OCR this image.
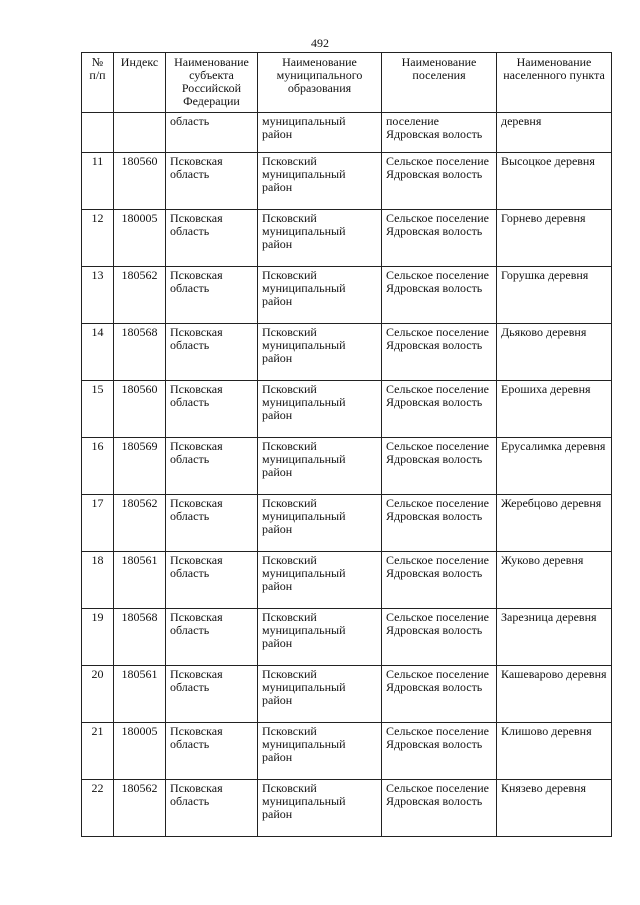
492
№ п/п	Индекс	Наименование субъекта Российской Федерации	Наименование муниципального образования	Наименование поселения	Наименование населенного пункта
		область	муниципальный район	поселение Ядровская волость	деревня
11	180560	Псковская область	Псковский муниципальный район	Сельское поселение Ядровская волость	Высоцкое деревня
12	180005	Псковская область	Псковский муниципальный район	Сельское поселение Ядровская волость	Горнево деревня
13	180562	Псковская область	Псковский муниципальный район	Сельское поселение Ядровская волость	Горушка деревня
14	180568	Псковская область	Псковский муниципальный район	Сельское поселение Ядровская волость	Дьяково деревня
15	180560	Псковская область	Псковский муниципальный район	Сельское поселение Ядровская волость	Ерошиха деревня
16	180569	Псковская область	Псковский муниципальный район	Сельское поселение Ядровская волость	Ерусалимка деревня
17	180562	Псковская область	Псковский муниципальный район	Сельское поселение Ядровская волость	Жеребцово деревня
18	180561	Псковская область	Псковский муниципальный район	Сельское поселение Ядровская волость	Жуково деревня
19	180568	Псковская область	Псковский муниципальный район	Сельское поселение Ядровская волость	Зарезница деревня
20	180561	Псковская область	Псковский муниципальный район	Сельское поселение Ядровская волость	Кашеварово деревня
21	180005	Псковская область	Псковский муниципальный район	Сельское поселение Ядровская волость	Клишово деревня
22	180562	Псковская область	Псковский муниципальный район	Сельское поселение Ядровская волость	Князево деревня
